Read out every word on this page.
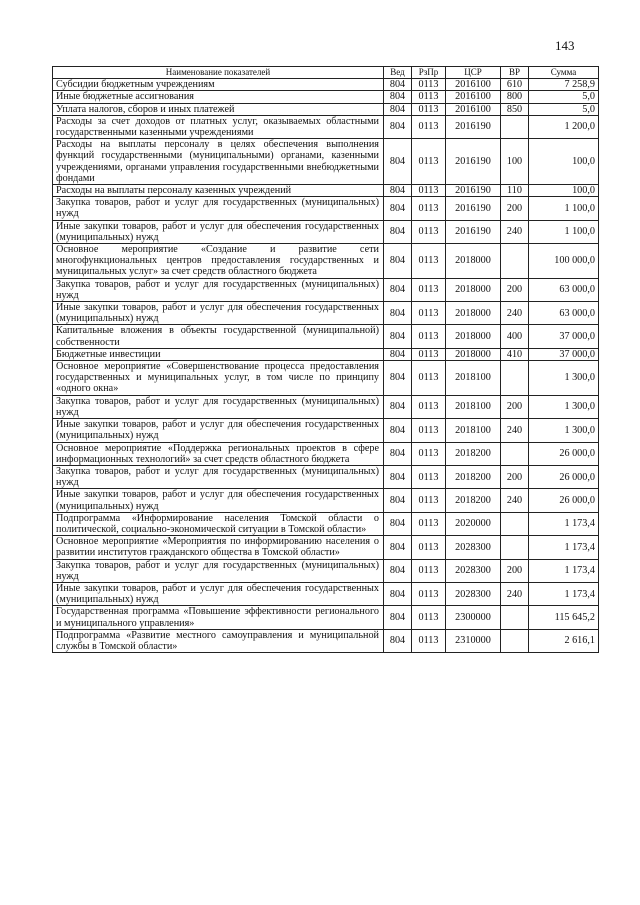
143
Наименование показателей	Вед	РзПр	ЦСР	ВР	Сумма
Субсидии бюджетным учреждениям	804	0113	2016100	610	7 258,9
Иные бюджетные ассигнования	804	0113	2016100	800	5,0
Уплата налогов, сборов и иных платежей	804	0113	2016100	850	5,0
Расходы за счет доходов от платных услуг, оказываемых областными государственными казенными учреждениями	804	0113	2016190		1 200,0
Расходы на выплаты персоналу в целях обеспечения выполнения функций государственными (муниципальными) органами, казенными учреждениями, органами управления государственными внебюджетными фондами	804	0113	2016190	100	100,0
Расходы на выплаты персоналу казенных учреждений	804	0113	2016190	110	100,0
Закупка товаров, работ и услуг для государственных (муниципальных) нужд	804	0113	2016190	200	1 100,0
Иные закупки товаров, работ и услуг для обеспечения государственных (муниципальных) нужд	804	0113	2016190	240	1 100,0
Основное мероприятие «Создание и развитие сети многофункциональных центров предоставления государственных и муниципальных услуг» за счет средств областного бюджета	804	0113	2018000		100 000,0
Закупка товаров, работ и услуг для государственных (муниципальных) нужд	804	0113	2018000	200	63 000,0
Иные закупки товаров, работ и услуг для обеспечения государственных (муниципальных) нужд	804	0113	2018000	240	63 000,0
Капитальные вложения в объекты государственной (муниципальной) собственности	804	0113	2018000	400	37 000,0
Бюджетные инвестиции	804	0113	2018000	410	37 000,0
Основное мероприятие «Совершенствование процесса предоставления государственных и муниципальных услуг, в том числе по принципу «одного окна»	804	0113	2018100		1 300,0
Закупка товаров, работ и услуг для государственных (муниципальных) нужд	804	0113	2018100	200	1 300,0
Иные закупки товаров, работ и услуг для обеспечения государственных (муниципальных) нужд	804	0113	2018100	240	1 300,0
Основное мероприятие «Поддержка региональных проектов в сфере информационных технологий» за счет средств областного бюджета	804	0113	2018200		26 000,0
Закупка товаров, работ и услуг для государственных (муниципальных) нужд	804	0113	2018200	200	26 000,0
Иные закупки товаров, работ и услуг для обеспечения государственных (муниципальных) нужд	804	0113	2018200	240	26 000,0
Подпрограмма «Информирование населения Томской области о политической, социально-экономической ситуации в Томской области»	804	0113	2020000		1 173,4
Основное мероприятие «Мероприятия по информированию населения о развитии институтов гражданского общества в Томской области»	804	0113	2028300		1 173,4
Закупка товаров, работ и услуг для государственных (муниципальных) нужд	804	0113	2028300	200	1 173,4
Иные закупки товаров, работ и услуг для обеспечения государственных (муниципальных) нужд	804	0113	2028300	240	1 173,4
Государственная программа «Повышение эффективности регионального и муниципального управления»	804	0113	2300000		115 645,2
Подпрограмма «Развитие местного самоуправления и муниципальной службы в Томской области»	804	0113	2310000		2 616,1
